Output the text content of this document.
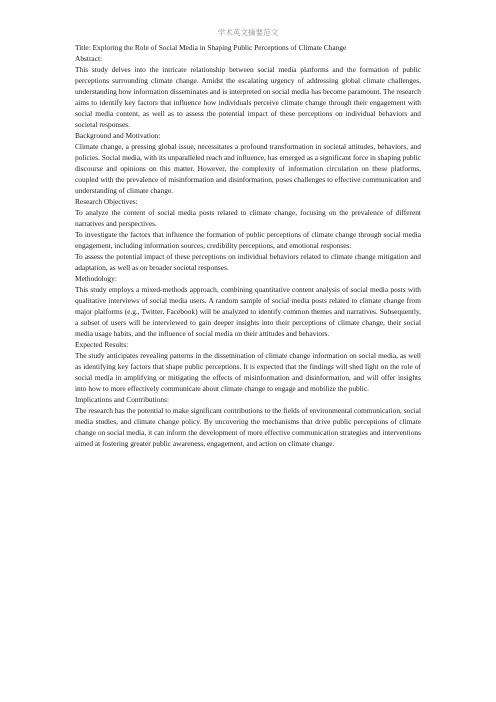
学术英文摘要范文
Title: Exploring the Role of Social Media in Shaping Public Perceptions of Climate Change
Abstract:
This study delves into the intricate relationship between social media platforms and the formation of public perceptions surrounding climate change. Amidst the escalating urgency of addressing global climate challenges, understanding how information disseminates and is interpreted on social media has become paramount. The research aims to identify key factors that influence how individuals perceive climate change through their engagement with social media content, as well as to assess the potential impact of these perceptions on individual behaviors and societal responses.
Background and Motivation:
Climate change, a pressing global issue, necessitates a profound transformation in societal attitudes, behaviors, and policies. Social media, with its unparalleled reach and influence, has emerged as a significant force in shaping public discourse and opinions on this matter. However, the complexity of information circulation on these platforms, coupled with the prevalence of misinformation and disinformation, poses challenges to effective communication and understanding of climate change.
Research Objectives:
To analyze the content of social media posts related to climate change, focusing on the prevalence of different narratives and perspectives.
To investigate the factors that influence the formation of public perceptions of climate change through social media engagement, including information sources, credibility perceptions, and emotional responses.
To assess the potential impact of these perceptions on individual behaviors related to climate change mitigation and adaptation, as well as on broader societal responses.
Methodology:
This study employs a mixed-methods approach, combining quantitative content analysis of social media posts with qualitative interviews of social media users. A random sample of social media posts related to climate change from major platforms (e.g., Twitter, Facebook) will be analyzed to identify common themes and narratives. Subsequently, a subset of users will be interviewed to gain deeper insights into their perceptions of climate change, their social media usage habits, and the influence of social media on their attitudes and behaviors.
Expected Results:
The study anticipates revealing patterns in the dissemination of climate change information on social media, as well as identifying key factors that shape public perceptions. It is expected that the findings will shed light on the role of social media in amplifying or mitigating the effects of misinformation and disinformation, and will offer insights into how to more effectively communicate about climate change to engage and mobilize the public.
Implications and Contributions:
The research has the potential to make significant contributions to the fields of environmental communication, social media studies, and climate change policy. By uncovering the mechanisms that drive public perceptions of climate change on social media, it can inform the development of more effective communication strategies and interventions aimed at fostering greater public awareness, engagement, and action on climate change.
